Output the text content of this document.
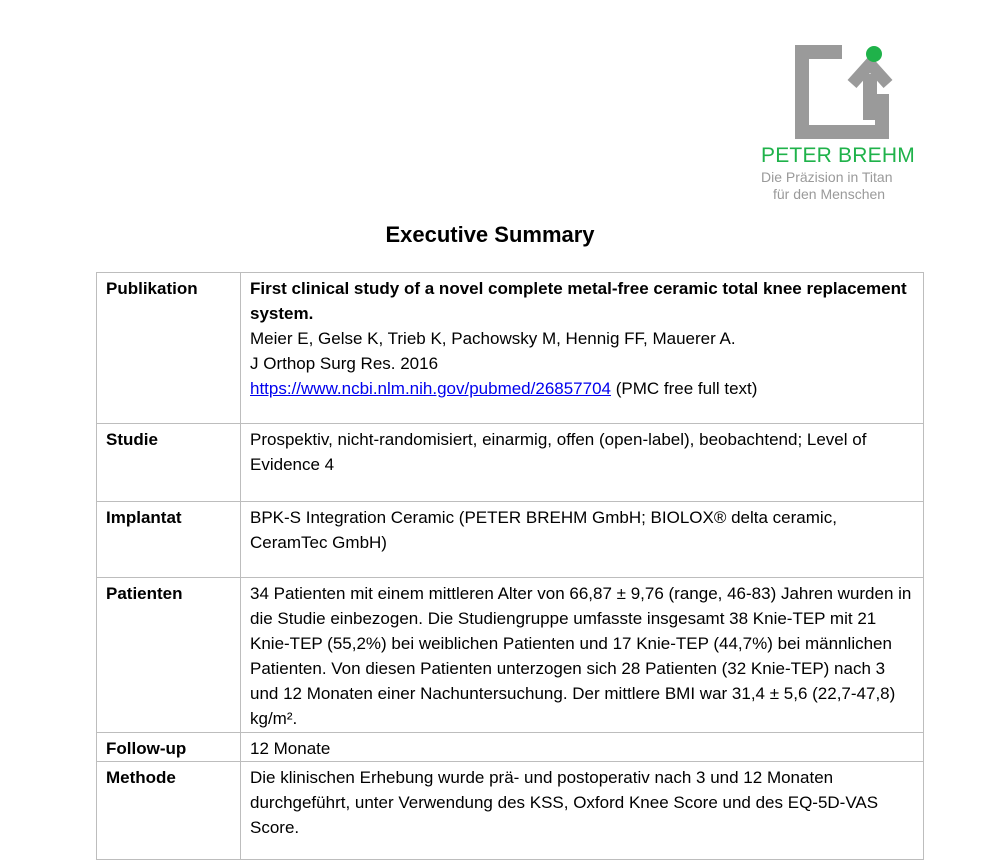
PETER BREHM
Die Präzision in Titan
für den Menschen
Executive Summary
Publikation	First clinical study of a novel complete metal-free ceramic total knee replacement system.
Meier E, Gelse K, Trieb K, Pachowsky M, Hennig FF, Mauerer A.
J Orthop Surg Res. 2016
https://www.ncbi.nlm.nih.gov/pubmed/26857704 (PMC free full text)

Studie	Prospektiv, nicht-randomisiert, einarmig, offen (open-label), beobachtend; Level of Evidence 4
Implantat	BPK-S Integration Ceramic (PETER BREHM GmbH; BIOLOX® delta ceramic, CeramTec GmbH)
Patienten	34 Patienten mit einem mittleren Alter von 66,87 ± 9,76 (range, 46-83) Jahren wurden in die Studie einbezogen. Die Studiengruppe umfasste insgesamt 38 Knie-TEP mit 21 Knie-TEP (55,2%) bei weiblichen Patienten und 17 Knie-TEP (44,7%) bei männlichen Patienten. Von diesen Patienten unterzogen sich 28 Patienten (32 Knie-TEP) nach 3 und 12 Monaten einer Nachuntersuchung. Der mittlere BMI war 31,4 ± 5,6 (22,7-47,8) kg/m².
Follow-up	12 Monate
Methode	Die klinischen Erhebung wurde prä- und postoperativ nach 3 und 12 Monaten durchgeführt, unter Verwendung des KSS, Oxford Knee Score und des EQ-5D-VAS Score.
